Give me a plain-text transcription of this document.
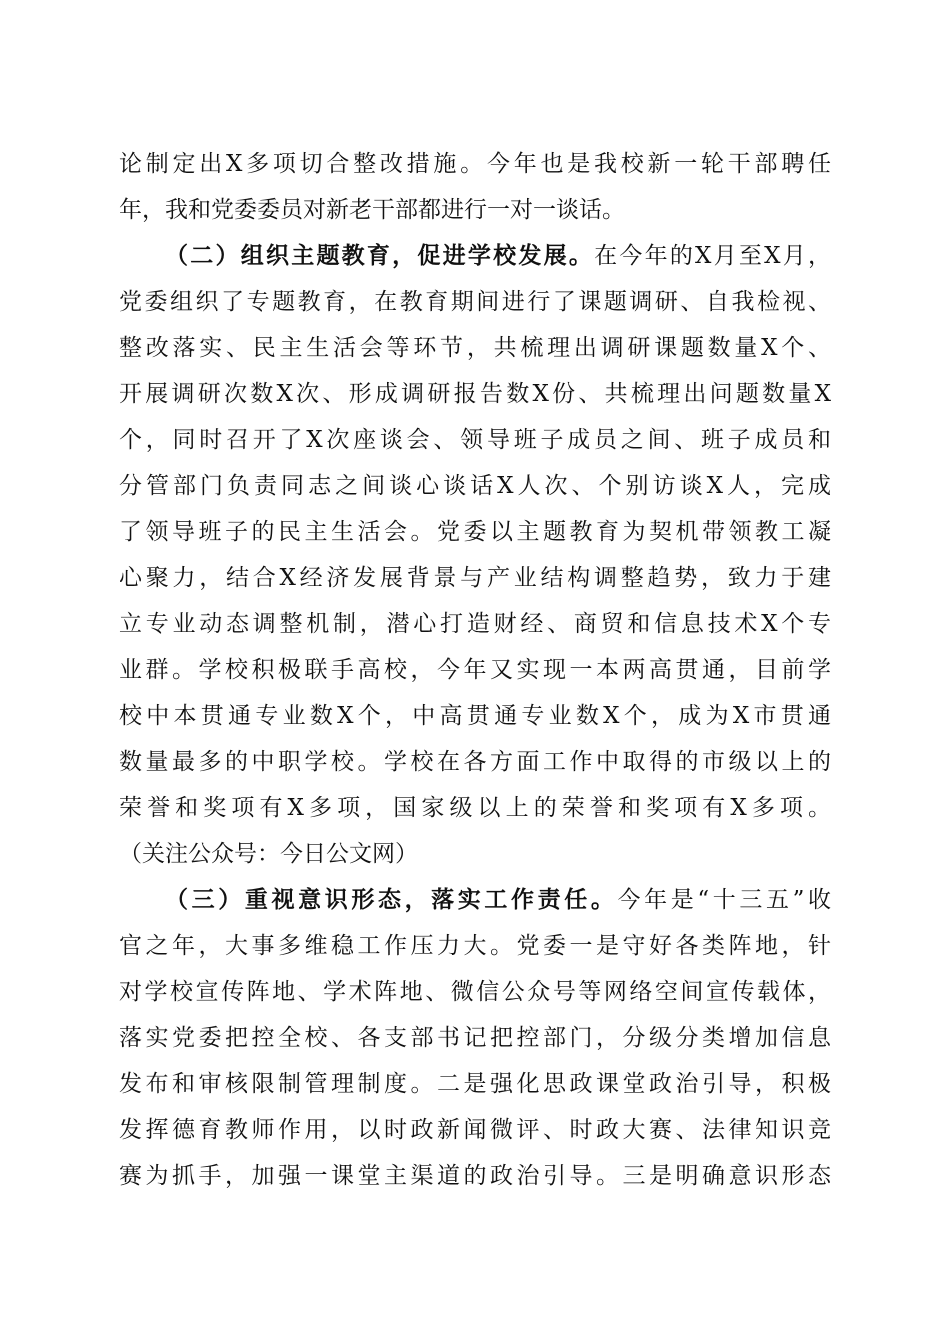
论制定出X多项切合整改措施。今年也是我校新一轮干部聘任
年，我和党委委员对新老干部都进行一对一谈话。
（二）组织主题教育，促进学校发展。在今年的X月至X月，
党委组织了专题教育，在教育期间进行了课题调研、自我检视、
整改落实、民主生活会等环节，共梳理出调研课题数量X个、
开展调研次数X次、形成调研报告数X份、共梳理出问题数量X
个，同时召开了X次座谈会、领导班子成员之间、班子成员和
分管部门负责同志之间谈心谈话X人次、个别访谈X人，完成
了领导班子的民主生活会。党委以主题教育为契机带领教工凝
心聚力，结合X经济发展背景与产业结构调整趋势，致力于建
立专业动态调整机制，潜心打造财经、商贸和信息技术X个专
业群。学校积极联手高校，今年又实现一本两高贯通，目前学
校中本贯通专业数X个，中高贯通专业数X个，成为X市贯通
数量最多的中职学校。学校在各方面工作中取得的市级以上的
荣誉和奖项有X多项，国家级以上的荣誉和奖项有X多项。
（关注公众号：今日公文网）
（三）重视意识形态，落实工作责任。今年是“十三五”收
官之年，大事多维稳工作压力大。党委一是守好各类阵地，针
对学校宣传阵地、学术阵地、微信公众号等网络空间宣传载体，
落实党委把控全校、各支部书记把控部门，分级分类增加信息
发布和审核限制管理制度。二是强化思政课堂政治引导，积极
发挥德育教师作用，以时政新闻微评、时政大赛、法律知识竞
赛为抓手，加强一课堂主渠道的政治引导。三是明确意识形态
